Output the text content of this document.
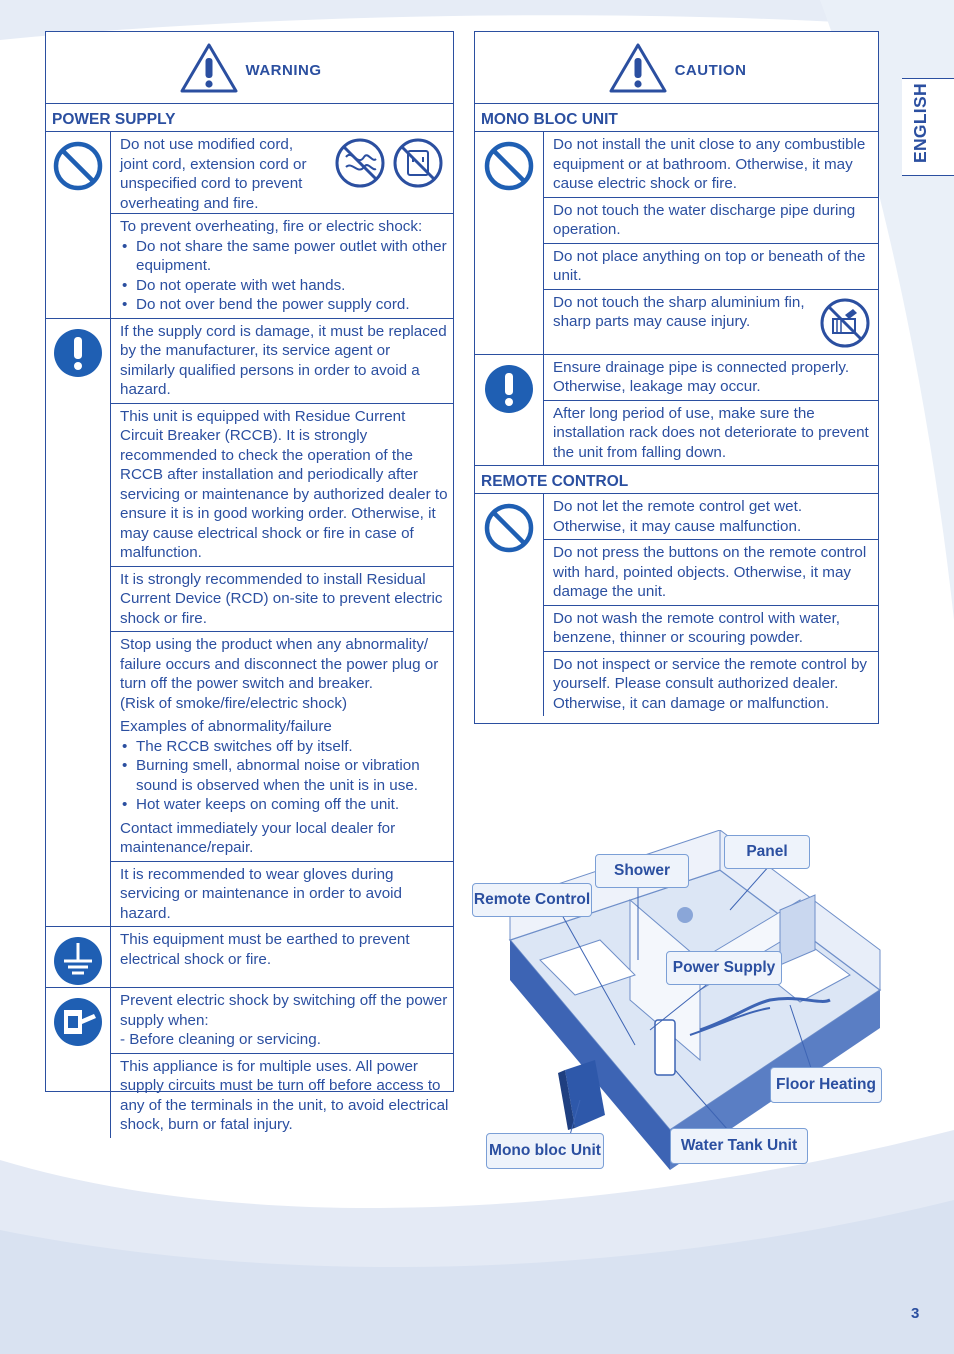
ENGLISH
WARNING
POWER SUPPLY
Do not use modified cord, joint cord, extension cord or unspecified cord to prevent overheating and fire.
To prevent overheating, fire or electric shock:
• Do not share the same power outlet with other equipment.
• Do not operate with wet hands.
• Do not over bend the power supply cord.
If the supply cord is damage, it must be replaced by the manufacturer, its service agent or similarly qualified persons in order to avoid a hazard.
This unit is equipped with Residue Current Circuit Breaker (RCCB). It is strongly recommended to check the operation of the RCCB after installation and periodically after servicing or maintenance by authorized dealer to ensure it is in good working order. Otherwise, it may cause electrical shock or fire in case of malfunction.
It is strongly recommended to install Residual Current Device (RCD) on-site to prevent electric shock or fire.
Stop using the product when any abnormality/ failure occurs and disconnect the power plug or turn off the power switch and breaker.
(Risk of smoke/fire/electric shock)
Examples of abnormality/failure
• The RCCB switches off by itself.
• Burning smell, abnormal noise or vibration sound is observed when the unit is in use.
• Hot water keeps on coming off the unit.
Contact immediately your local dealer for maintenance/repair.
It is recommended to wear gloves during servicing or maintenance in order to avoid hazard.
This equipment must be earthed to prevent electrical shock or fire.
Prevent electric shock by switching off the power supply when:
- Before cleaning or servicing.
This appliance is for multiple uses. All power supply circuits must be turn off before access to any of the terminals in the unit, to avoid electrical shock, burn or fatal injury.
CAUTION
MONO BLOC UNIT
Do not install the unit close to any combustible equipment or at bathroom. Otherwise, it may cause electric shock or fire.
Do not touch the water discharge pipe during operation.
Do not place anything on top or beneath of the unit.
Do not touch the sharp aluminium fin, sharp parts may cause injury.
Ensure drainage pipe is connected properly. Otherwise, leakage may occur.
After long period of use, make sure the installation rack does not deteriorate to prevent the unit from falling down.
REMOTE CONTROL
Do not let the remote control get wet. Otherwise, it may cause malfunction.
Do not press the buttons on the remote control with hard, pointed objects. Otherwise, it may damage the unit.
Do not wash the remote control with water, benzene, thinner or scouring powder.
Do not inspect or service the remote control by yourself. Please consult authorized dealer. Otherwise, it can damage or malfunction.
Panel
Shower
Remote Control
Power Supply
Floor Heating
Mono bloc Unit	Water Tank Unit
3
